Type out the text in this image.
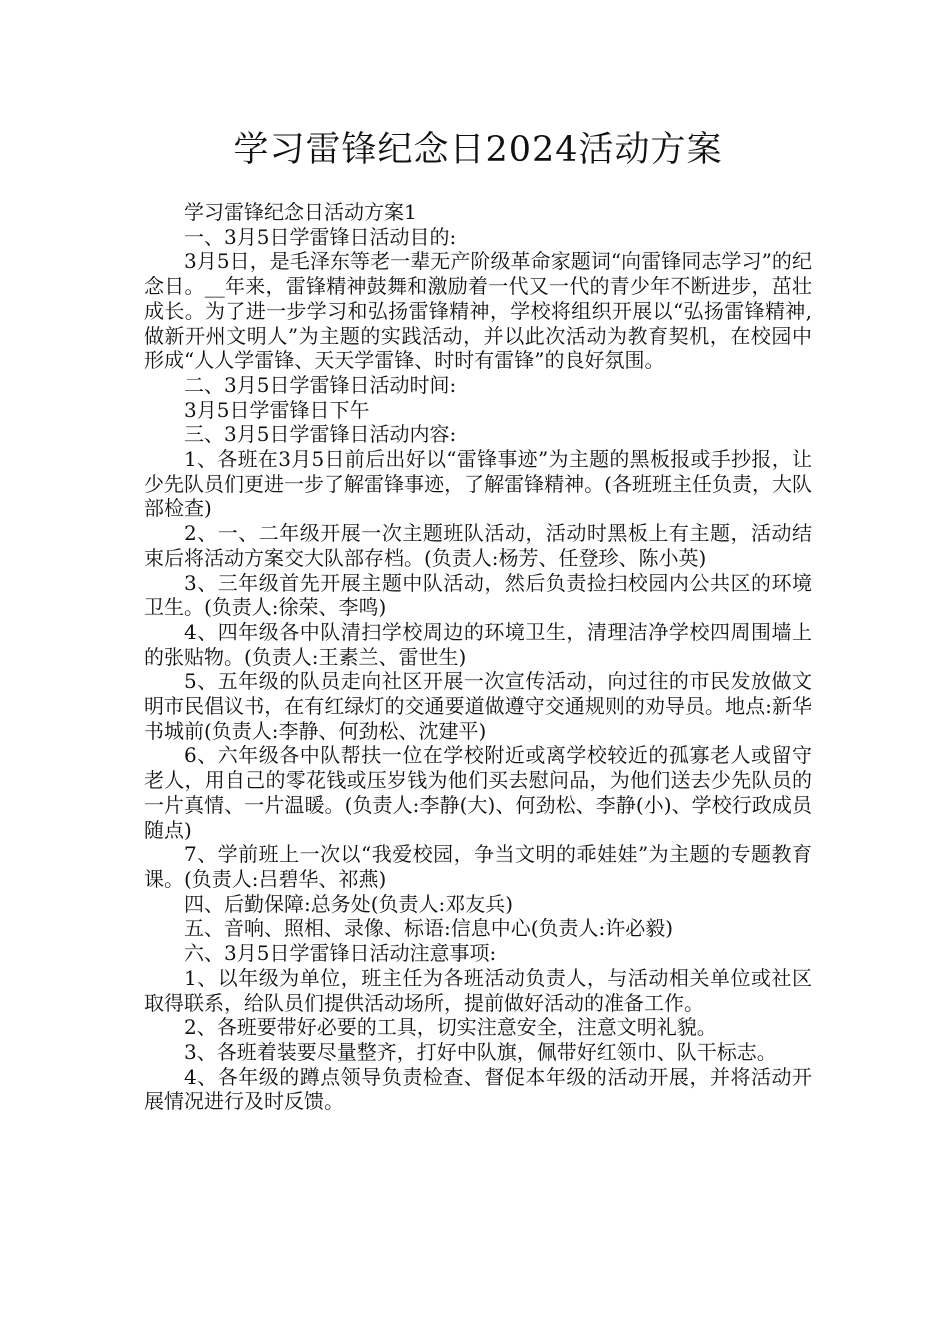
学习雷锋纪念日2024活动方案

学习雷锋纪念日活动方案1

一、3月5日学雷锋日活动目的:

3月5日，是毛泽东等老一辈无产阶级革命家题词“向雷锋同志学习”的纪念日。__年来，雷锋精神鼓舞和激励着一代又一代的青少年不断进步，茁壮成长。为了进一步学习和弘扬雷锋精神，学校将组织开展以“弘扬雷锋精神,做新开州文明人”为主题的实践活动，并以此次活动为教育契机，在校园中形成“人人学雷锋、天天学雷锋、时时有雷锋”的良好氛围。

二、3月5日学雷锋日活动时间:

3月5日学雷锋日下午

三、3月5日学雷锋日活动内容:

1、各班在3月5日前后出好以“雷锋事迹”为主题的黑板报或手抄报，让少先队员们更进一步了解雷锋事迹，了解雷锋精神。(各班班主任负责，大队部检查)

2、一、二年级开展一次主题班队活动，活动时黑板上有主题，活动结束后将活动方案交大队部存档。(负责人:杨芳、任登珍、陈小英)

3、三年级首先开展主题中队活动，然后负责捡扫校园内公共区的环境卫生。(负责人:徐荣、李鸣)

4、四年级各中队清扫学校周边的环境卫生，清理洁净学校四周围墙上的张贴物。(负责人:王素兰、雷世生)

5、五年级的队员走向社区开展一次宣传活动，向过往的市民发放做文明市民倡议书，在有红绿灯的交通要道做遵守交通规则的劝导员。地点:新华书城前(负责人:李静、何劲松、沈建平)

6、六年级各中队帮扶一位在学校附近或离学校较近的孤寡老人或留守老人，用自己的零花钱或压岁钱为他们买去慰问品，为他们送去少先队员的一片真情、一片温暖。(负责人:李静(大)、何劲松、李静(小)、学校行政成员随点)

7、学前班上一次以“我爱校园，争当文明的乖娃娃”为主题的专题教育课。(负责人:吕碧华、祁燕)

四、后勤保障:总务处(负责人:邓友兵)

五、音响、照相、录像、标语:信息中心(负责人:许必毅)

六、3月5日学雷锋日活动注意事项:

1、以年级为单位，班主任为各班活动负责人，与活动相关单位或社区取得联系，给队员们提供活动场所，提前做好活动的准备工作。

2、各班要带好必要的工具，切实注意安全，注意文明礼貌。

3、各班着装要尽量整齐，打好中队旗，佩带好红领巾、队干标志。

4、各年级的蹲点领导负责检查、督促本年级的活动开展，并将活动开展情况进行及时反馈。
